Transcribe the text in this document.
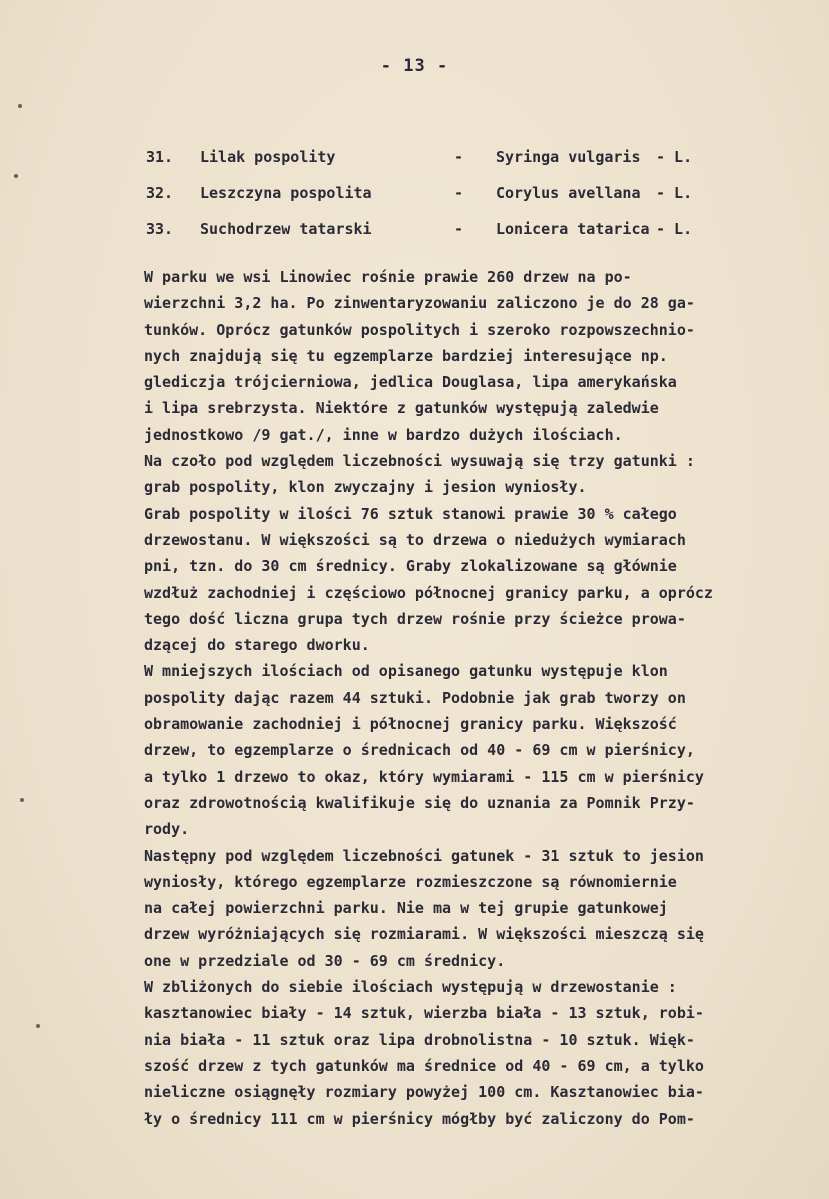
- 13 -
31. Lilak pospolity	- Syringa vulgaris - L.
32. Leszczyna pospolita	- Corylus avellana - L.
33. Suchodrzew tatarski	- Lonicera tatarica - L.
W parku we wsi Linowiec rośnie prawie 260 drzew na po-
wierzchni 3,2 ha. Po zinwentaryzowaniu zaliczono je do 28 ga-
tunków. Oprócz gatunków pospolitych i szeroko rozpowszechnio-
nych znajdują się tu egzemplarze bardziej interesujące np.
glediczja trójcierniowa, jedlica Douglasa, lipa amerykańska
i lipa srebrzysta. Niektóre z gatunków występują zaledwie
jednostkowo /9 gat./, inne w bardzo dużych ilościach.
Na czoło pod względem liczebności wysuwają się trzy gatunki :
grab pospolity, klon zwyczajny i jesion wyniosły.
Grab pospolity w ilości 76 sztuk stanowi prawie 30 % całego
drzewostanu. W większości są to drzewa o niedużych wymiarach
pni, tzn. do 30 cm średnicy. Graby zlokalizowane są głównie
wzdłuż zachodniej i częściowo północnej granicy parku, a oprócz
tego dość liczna grupa tych drzew rośnie przy ścieżce prowa-
dzącej do starego dworku.
W mniejszych ilościach od opisanego gatunku występuje klon
pospolity dając razem 44 sztuki. Podobnie jak grab tworzy on
obramowanie zachodniej i północnej granicy parku. Większość
drzew, to egzemplarze o średnicach od 40 - 69 cm w pierśnicy,
a tylko 1 drzewo to okaz, który wymiarami - 115 cm w pierśnicy
oraz zdrowotnością kwalifikuje się do uznania za Pomnik Przy-
rody.
Następny pod względem liczebności gatunek - 31 sztuk to jesion
wyniosły, którego egzemplarze rozmieszczone są równomiernie
na całej powierzchni parku. Nie ma w tej grupie gatunkowej
drzew wyróżniających się rozmiarami. W większości mieszczą się
one w przedziale od 30 - 69 cm średnicy.
W zbliżonych do siebie ilościach występują w drzewostanie :
kasztanowiec biały - 14 sztuk, wierzba biała - 13 sztuk, robi-
nia biała - 11 sztuk oraz lipa drobnolistna - 10 sztuk. Więk-
szość drzew z tych gatunków ma średnice od 40 - 69 cm, a tylko
nieliczne osiągnęły rozmiary powyżej 100 cm. Kasztanowiec bia-
ły o średnicy 111 cm w pierśnicy mógłby być zaliczony do Pom-
